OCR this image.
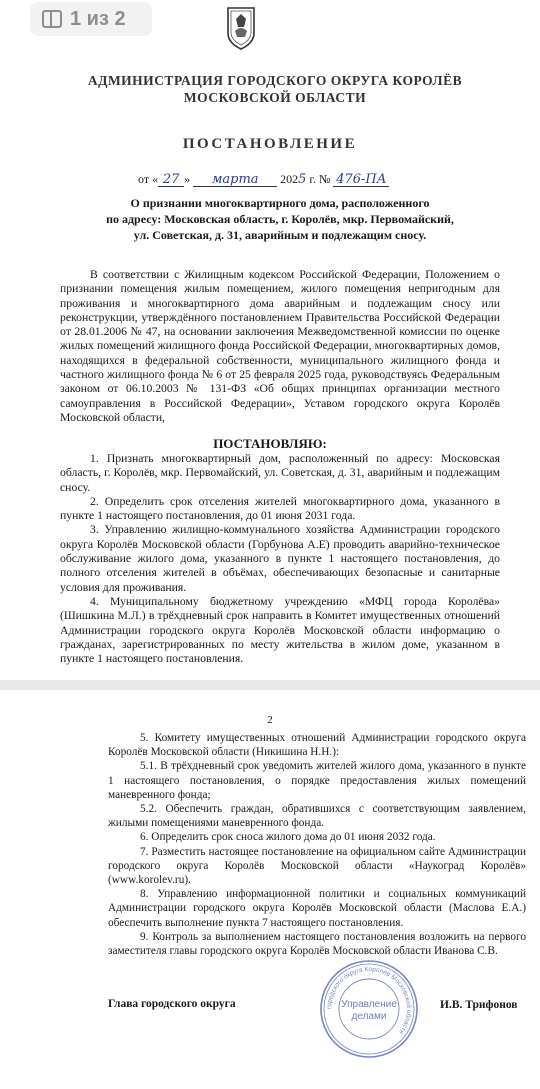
1 из 2
АДМИНИСТРАЦИЯ ГОРОДСКОГО ОКРУГА КОРОЛЁВ
МОСКОВСКОЙ ОБЛАСТИ
ПОСТАНОВЛЕНИЕ
от « 27 » марта 2025 г. № 476-ПА
О признании многоквартирного дома, расположенного
по адресу: Московская область, г. Королёв, мкр. Первомайский,
ул. Советская, д. 31, аварийным и подлежащим сносу.

В соответствии с Жилищным кодексом Российской Федерации, Положением о признании помещения жилым помещением, жилого помещения непригодным для проживания и многоквартирного дома аварийным и подлежащим сносу или реконструкции, утверждённого постановлением Правительства Российской Федерации от 28.01.2006 № 47, на основании заключения Межведомственной комиссии по оценке жилых помещений жилищного фонда Российской Федерации, многоквартирных домов, находящихся в федеральной собственности, муниципального жилищного фонда и частного жилищного фонда № 6 от 25 февраля 2025 года, руководствуясь Федеральным законом от 06.10.2003 № 131-ФЗ «Об общих принципах организации местного самоуправления в Российской Федерации», Уставом городского округа Королёв Московской области,

ПОСТАНОВЛЯЮ:

1. Признать многоквартирный дом, расположенный по адресу: Московская область, г. Королёв, мкр. Первомайский, ул. Советская, д. 31, аварийным и подлежащим сносу.

2. Определить срок отселения жителей многоквартирного дома, указанного в пункте 1 настоящего постановления, до 01 июня 2031 года.

3. Управлению жилищно-коммунального хозяйства Администрации городского округа Королёв Московской области (Горбунова А.Е) проводить аварийно-техническое обслуживание жилого дома, указанного в пункте 1 настоящего постановления, до полного отселения жителей в объёмах, обеспечивающих безопасные и санитарные условия для проживания.

4. Муниципальному бюджетному учреждению «МФЦ города Королёва» (Шишкина М.Л.) в трёхдневный срок направить в Комитет имущественных отношений Администрации городского округа Королёв Московской области информацию о гражданах, зарегистрированных по месту жительства в жилом доме, указанном в пункте 1 настоящего постановления.

2

5. Комитету имущественных отношений Администрации городского округа Королёв Московской области (Никишина Н.Н.):

5.1. В трёхдневный срок уведомить жителей жилого дома, указанного в пункте 1 настоящего постановления, о порядке предоставления жилых помещений маневренного фонда;

5.2. Обеспечить граждан, обратившихся с соответствующим заявлением, жилыми помещениями маневренного фонда.

6. Определить срок сноса жилого дома до 01 июня 2032 года.

7. Разместить настоящее постановление на официальном сайте Администрации городского округа Королёв Московской области «Наукоград Королёв» (www.korolev.ru).

8. Управлению информационной политики и социальных коммуникаций Администрации городского округа Королёв Московской области (Маслова Е.А.) обеспечить выполнение пункта 7 настоящего постановления.

9. Контроль за выполнением настоящего постановления возложить на первого заместителя главы городского округа Королёв Московской области Иванова С.В.

Глава городского округа	И.В. Трифонов
городского округа Королёв Московской области
Управление
делами
